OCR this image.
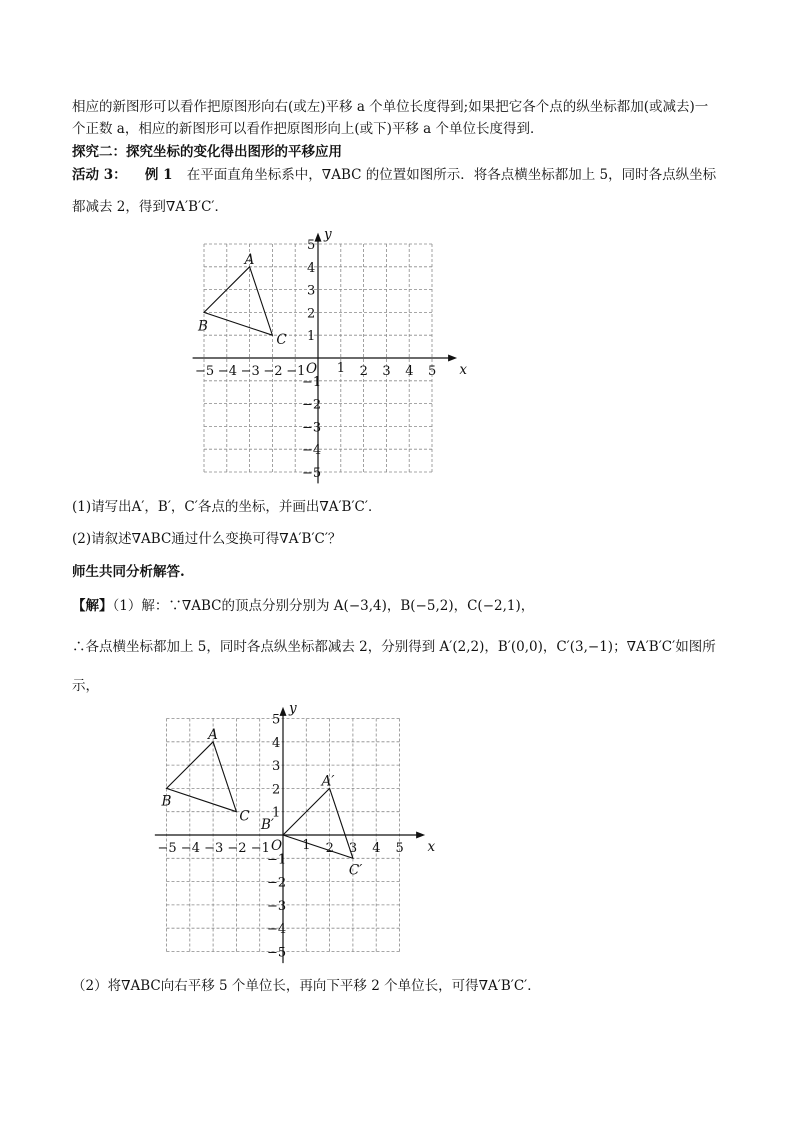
相应的新图形可以看作把原图形向右(或左)平移 a 个单位长度得到;如果把它各个点的纵坐标都加(或减去)一
个正数 a，相应的新图形可以看作把原图形向上(或下)平移 a 个单位长度得到．
探究二：探究坐标的变化得出图形的平移应用
活动 3： 例 1 在平面直角坐标系中，∇ABC 的位置如图所示．将各点横坐标都加上 5，同时各点纵坐标
都减去 2，得到∇A′B′C′．
x
y
O
−5 −4 −3 −2 −1 1 2 3 4 5
5
4
3
2
1
−1
−2
−3
−4
−5
A
B
C
(1)请写出A′，B′，C′各点的坐标，并画出∇A′B′C′．
(2)请叙述∇ABC通过什么变换可得∇A′B′C′？
师生共同分析解答.
【解】（1）解：∵∇ABC的顶点分别分别为 A(−3,4)，B(−5,2)，C(−2,1)，
∴各点横坐标都加上 5，同时各点纵坐标都减去 2，分别得到 A′(2,2)，B′(0,0)，C′(3,−1)；∇A′B′C′如图所
示，
x
y
O
−5 −4 −3 −2 −1 1 2 3 4 5
5
4
3
2
1
−1
−2
−3
−4
−5
A
B
C
A′
B′
C′
（2）将∇ABC向右平移 5 个单位长，再向下平移 2 个单位长，可得∇A′B′C′．
